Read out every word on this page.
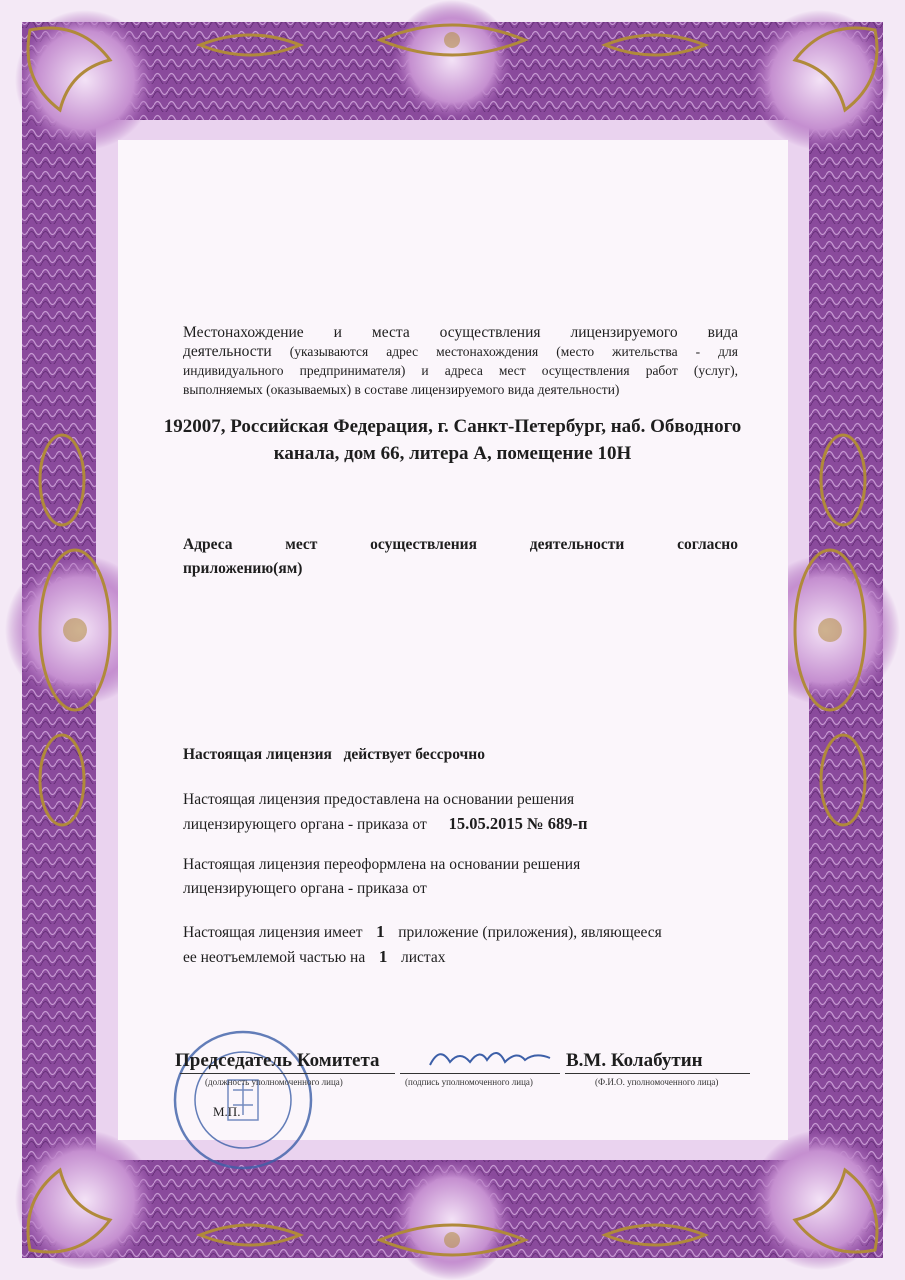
Местонахождение и места осуществления лицензируемого вида
деятельности (указываются адрес местонахождения (место жительства - для
индивидуального предпринимателя) и адреса мест осуществления работ (услуг),
выполняемых (оказываемых) в составе лицензируемого вида деятельности)
192007, Российская Федерация, г. Санкт-Петербург, наб. Обводного
канала, дом 66, литера А, помещение 10Н
Адреса мест осуществления деятельности согласно
приложению(ям)
Настоящая лицензия действует бессрочно
Настоящая лицензия предоставлена на основании решения
лицензирующего органа - приказа от 15.05.2015 № 689-п
Настоящая лицензия переоформлена на основании решения
лицензирующего органа - приказа от
Настоящая лицензия имеет 1 приложение (приложения), являющееся
ее неотъемлемой частью на 1 листах
Председатель Комитета	В.М. Колабутин
(должность уполномоченного лица)	(подпись уполномоченного лица)	(Ф.И.О. уполномоченного лица)
М.П.
